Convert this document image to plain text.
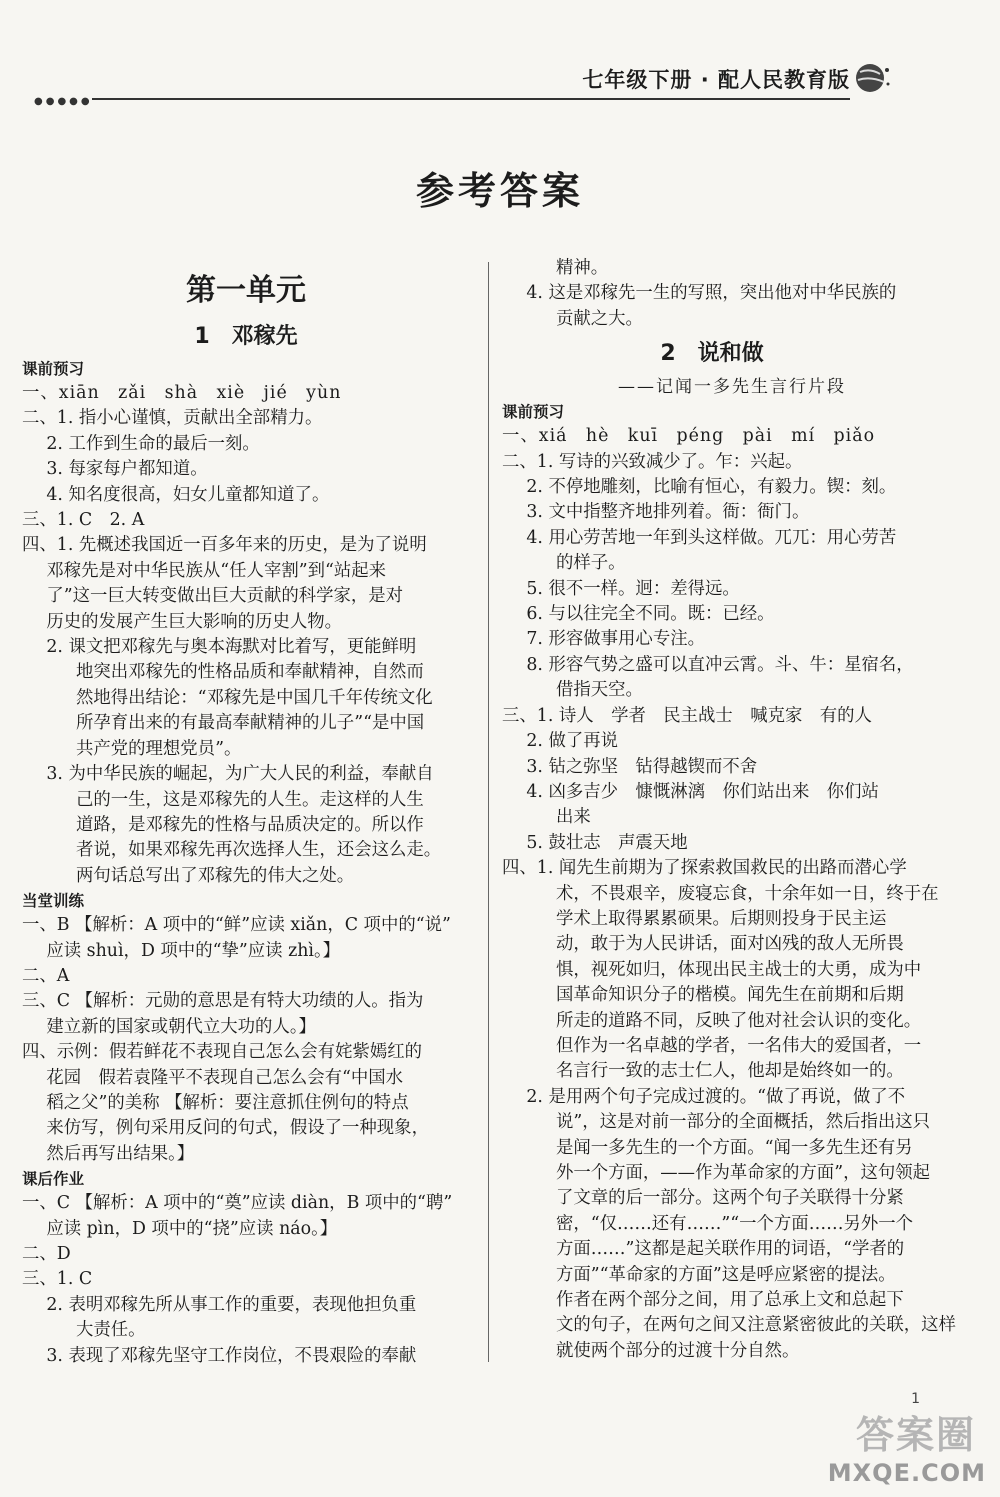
●●●●●
七年级下册 · 配人民教育版
参考答案
第一单元
1　邓稼先
课前预习
一、xiān　zǎi　shà　xiè　jié　yùn
二、1. 指小心谨慎，贡献出全部精力。
2. 工作到生命的最后一刻。
3. 每家每户都知道。
4. 知名度很高，妇女儿童都知道了。
三、1. C　2. A
四、1. 先概述我国近一百多年来的历史，是为了说明
邓稼先是对中华民族从“任人宰割”到“站起来
了”这一巨大转变做出巨大贡献的科学家，是对
历史的发展产生巨大影响的历史人物。
2. 课文把邓稼先与奥本海默对比着写，更能鲜明
地突出邓稼先的性格品质和奉献精神，自然而
然地得出结论：“邓稼先是中国几千年传统文化
所孕育出来的有最高奉献精神的儿子”“是中国
共产党的理想党员”。
3. 为中华民族的崛起，为广大人民的利益，奉献自
己的一生，这是邓稼先的人生。走这样的人生
道路，是邓稼先的性格与品质决定的。所以作
者说，如果邓稼先再次选择人生，还会这么走。
两句话总写出了邓稼先的伟大之处。
当堂训练
一、B 【解析：A 项中的“鲜”应读 xiǎn，C 项中的“说”
应读 shuì，D 项中的“挚”应读 zhì。】
二、A
三、C 【解析：元勋的意思是有特大功绩的人。指为
建立新的国家或朝代立大功的人。】
四、示例：假若鲜花不表现自己怎么会有姹紫嫣红的
花园　假若袁隆平不表现自己怎么会有“中国水
稻之父”的美称 【解析：要注意抓住例句的特点
来仿写，例句采用反问的句式，假设了一种现象，
然后再写出结果。】
课后作业
一、C 【解析：A 项中的“奠”应读 diàn，B 项中的“聘”
应读 pìn，D 项中的“挠”应读 náo。】
二、D
三、1. C
2. 表明邓稼先所从事工作的重要，表现他担负重
大责任。
3. 表现了邓稼先坚守工作岗位，不畏艰险的奉献
精神。
4. 这是邓稼先一生的写照，突出他对中华民族的
贡献之大。
2　说和做
——记闻一多先生言行片段
课前预习
一、xiá　hè　kuī　péng　pài　mí　piǎo
二、1. 写诗的兴致减少了。乍：兴起。
2. 不停地雕刻，比喻有恒心，有毅力。锲：刻。
3. 文中指整齐地排列着。衙：衙门。
4. 用心劳苦地一年到头这样做。兀兀：用心劳苦
的样子。
5. 很不一样。迥：差得远。
6. 与以往完全不同。既：已经。
7. 形容做事用心专注。
8. 形容气势之盛可以直冲云霄。斗、牛：星宿名，
借指天空。
三、1. 诗人　学者　民主战士　喊克家　有的人
2. 做了再说
3. 钻之弥坚　钻得越锲而不舍
4. 凶多吉少　慷慨淋漓　你们站出来　你们站
出来
5. 鼓壮志　声震天地
四、1. 闻先生前期为了探索救国救民的出路而潜心学
术，不畏艰辛，废寝忘食，十余年如一日，终于在
学术上取得累累硕果。后期则投身于民主运
动，敢于为人民讲话，面对凶残的敌人无所畏
惧，视死如归，体现出民主战士的大勇，成为中
国革命知识分子的楷模。闻先生在前期和后期
所走的道路不同，反映了他对社会认识的变化。
但作为一名卓越的学者，一名伟大的爱国者，一
名言行一致的志士仁人，他却是始终如一的。
2. 是用两个句子完成过渡的。“做了再说，做了不
说”，这是对前一部分的全面概括，然后指出这只
是闻一多先生的一个方面。“闻一多先生还有另
外一个方面，——作为革命家的方面”，这句领起
了文章的后一部分。这两个句子关联得十分紧
密，“仅……还有……”“一个方面……另外一个
方面……”这都是起关联作用的词语，“学者的
方面”“革命家的方面”这是呼应紧密的提法。
作者在两个部分之间，用了总承上文和总起下
文的句子，在两句之间又注意紧密彼此的关联，这样
就使两个部分的过渡十分自然。
1
答案圈
MXQE.COM
